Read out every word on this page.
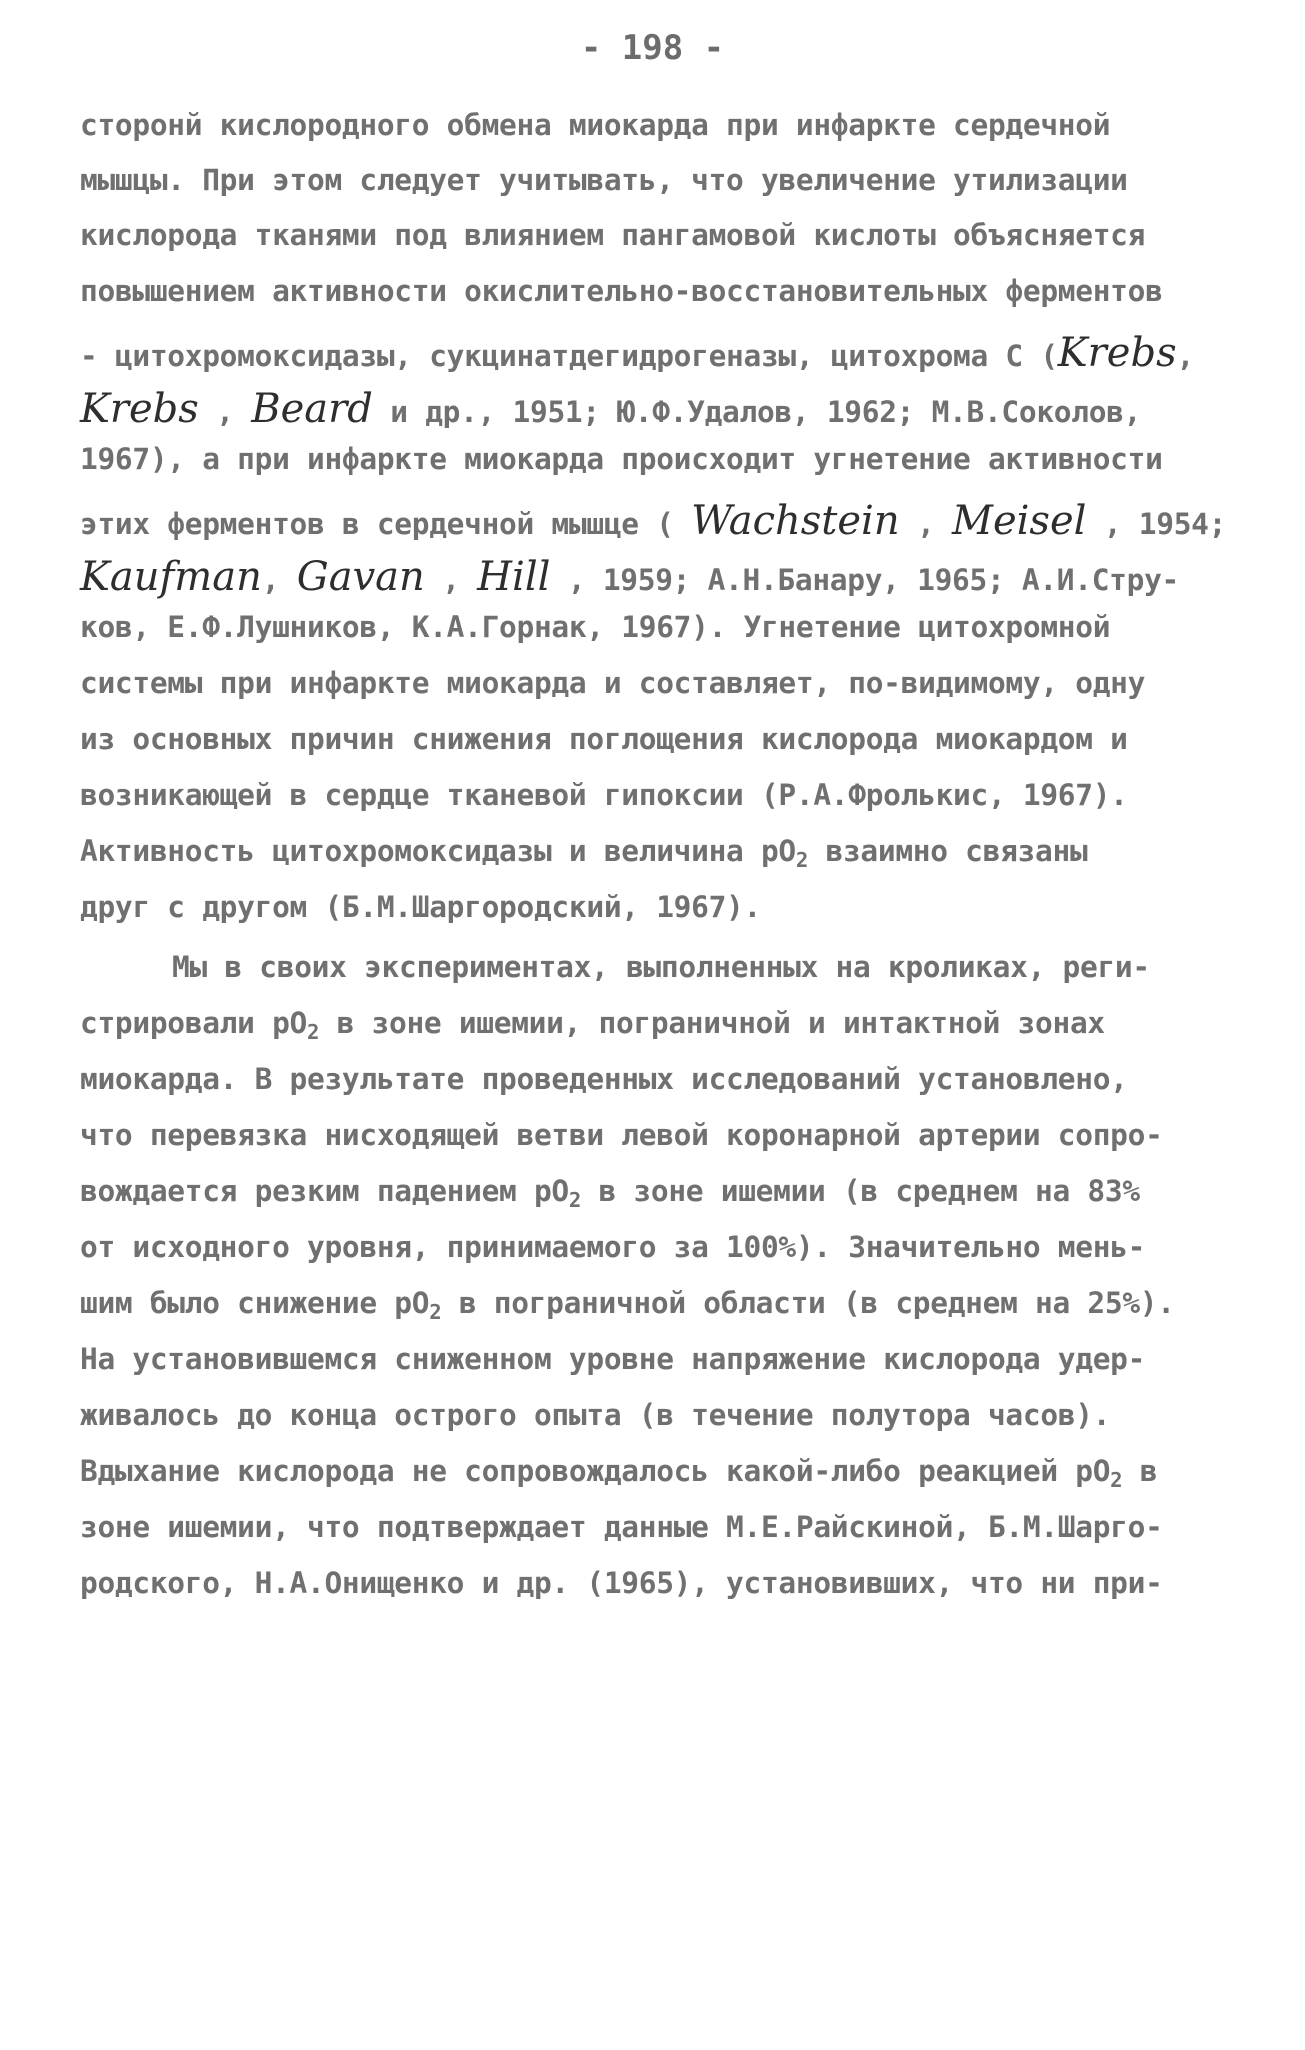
- 198 -
сторонй кислородного обмена миокарда при инфаркте сердечной
мышцы. При этом следует учитывать, что увеличение утилизации
кислорода тканями под влиянием пангамовой кислоты объясняется
повышением активности окислительно-восстановительных ферментов
- цитохромоксидазы, сукцинатдегидрогеназы, цитохрома С (Krebs,
Krebs , Beard и др., 1951; Ю.Ф.Удалов, 1962; М.В.Соколов,
1967), а при инфаркте миокарда происходит угнетение активности
этих ферментов в сердечной мышце ( Wachstein , Meisel , 1954;
Kaufman, Gavan , Hill , 1959; А.Н.Банару, 1965; А.И.Стру-
ков, Е.Ф.Лушников, К.А.Горнак, 1967). Угнетение цитохромной
системы при инфаркте миокарда и составляет, по-видимому, одну
из основных причин снижения поглощения кислорода миокардом и
возникающей в сердце тканевой гипоксии (Р.А.Фролькис, 1967).
Активность цитохромоксидазы и величина $рО_2$ взаимно связаны
друг с другом (Б.М.Шаргородский, 1967).
Мы в своих экспериментах, выполненных на кроликах, реги-
стрировали $рО_2$ в зоне ишемии, пограничной и интактной зонах
миокарда. В результате проведенных исследований установлено,
что перевязка нисходящей ветви левой коронарной артерии сопро-
вождается резким падением $рО_2$ в зоне ишемии (в среднем на 83%
от исходного уровня, принимаемого за 100%). Значительно мень-
шим было снижение $рО_2$ в пограничной области (в среднем на 25%).
На установившемся сниженном уровне напряжение кислорода удер-
живалось до конца острого опыта (в течение полутора часов).
Вдыхание кислорода не сопровождалось какой-либо реакцией $рО_2$ в
зоне ишемии, что подтверждает данные М.Е.Райскиной, Б.М.Шарго-
родского, Н.А.Онищенко и др. (1965), установивших, что ни при-
